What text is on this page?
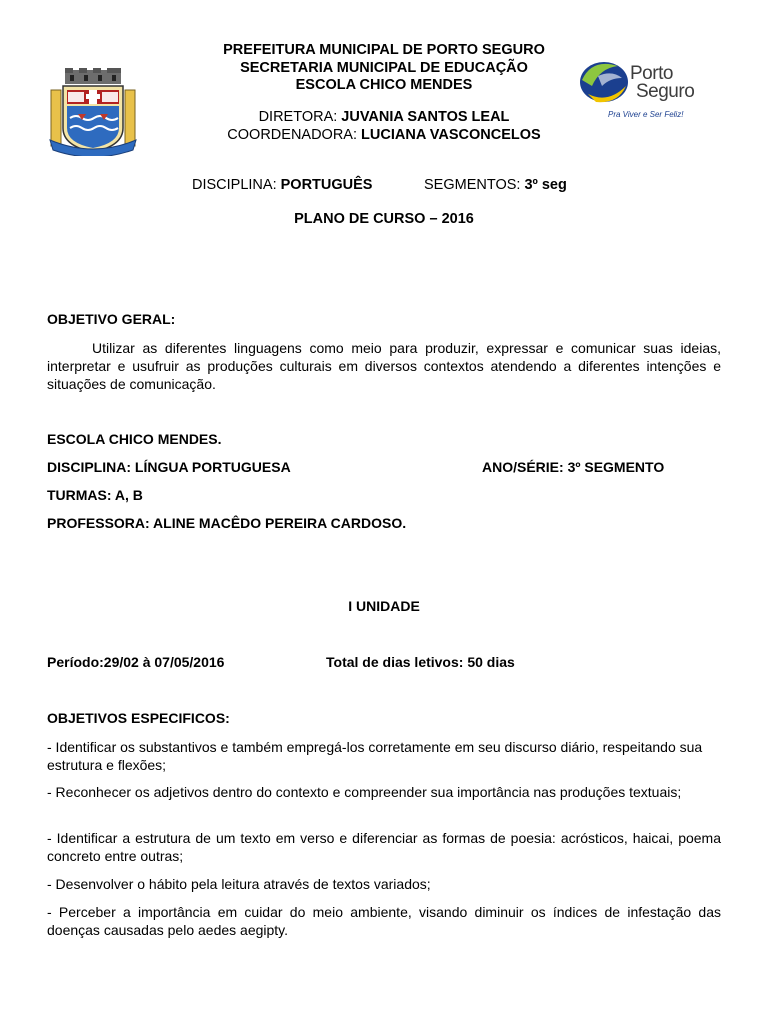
PREFEITURA MUNICIPAL DE PORTO SEGURO
SECRETARIA MUNICIPAL DE EDUCAÇÃO
ESCOLA CHICO MENDES
DIRETORA: JUVANIA SANTOS LEAL
COORDENADORA: LUCIANA VASCONCELOS
Porto
Seguro
Pra Viver e Ser Feliz!
DISCIPLINA: PORTUGUÊS	SEGMENTOS: 3º seg
PLANO DE CURSO – 2016
OBJETIVO GERAL:
Utilizar as diferentes linguagens como meio para produzir, expressar e comunicar suas ideias, interpretar e usufruir as produções culturais em diversos contextos atendendo a diferentes intenções e situações de comunicação.
ESCOLA CHICO MENDES.
DISCIPLINA: LÍNGUA PORTUGUESA	ANO/SÉRIE: 3º SEGMENTO
TURMAS: A, B
PROFESSORA: ALINE MACÊDO PEREIRA CARDOSO.
I UNIDADE
Período:29/02 à 07/05/2016	Total de dias letivos: 50 dias
OBJETIVOS ESPECIFICOS:
- Identificar os substantivos e também empregá-los corretamente em seu discurso diário, respeitando sua estrutura e flexões;
- Reconhecer os adjetivos dentro do contexto e compreender sua importância nas produções textuais;
- Identificar a estrutura de um texto em verso e diferenciar as formas de poesia: acrósticos, haicai, poema concreto entre outras;
- Desenvolver o hábito pela leitura através de textos variados;
- Perceber a importância em cuidar do meio ambiente, visando diminuir os índices de infestação das doenças causadas pelo aedes aegipty.
